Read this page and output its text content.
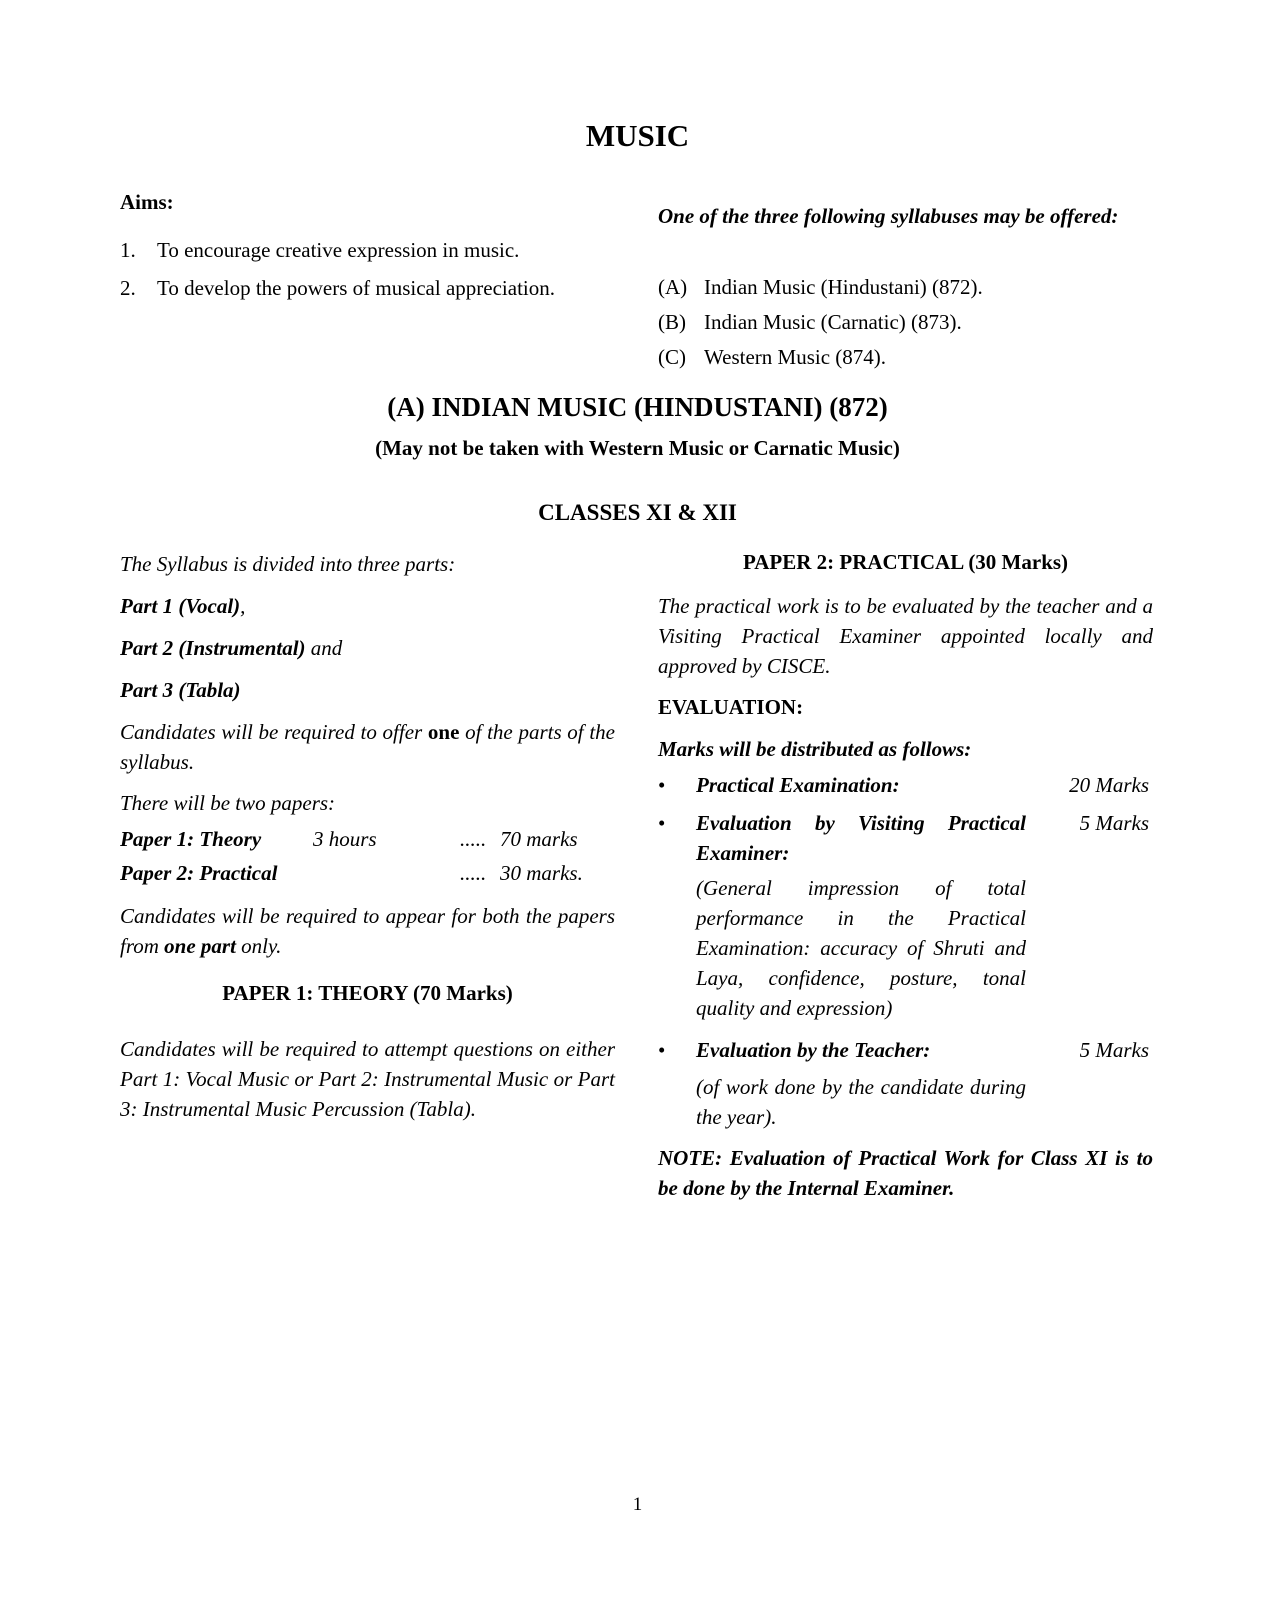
MUSIC
Aims:
1. To encourage creative expression in music.
2. To develop the powers of musical appreciation.
One of the three following syllabuses may be offered:
(A) Indian Music (Hindustani) (872).
(B) Indian Music (Carnatic) (873).
(C) Western Music (874).
(A) INDIAN MUSIC (HINDUSTANI) (872)
(May not be taken with Western Music or Carnatic Music)
CLASSES XI & XII
The Syllabus is divided into three parts:
Part 1 (Vocal),
Part 2 (Instrumental) and
Part 3 (Tabla)
Candidates will be required to offer one of the parts of the syllabus.
There will be two papers:
Paper 1: Theory 3 hours	..... 70 marks
Paper 2: Practical	..... 30 marks.
Candidates will be required to appear for both the papers from one part only.
PAPER 1: THEORY (70 Marks)
Candidates will be required to attempt questions on either Part 1: Vocal Music or Part 2: Instrumental Music or Part 3: Instrumental Music Percussion (Tabla).
PAPER 2: PRACTICAL (30 Marks)
The practical work is to be evaluated by the teacher and a Visiting Practical Examiner appointed locally and approved by CISCE.
EVALUATION:
Marks will be distributed as follows:
• Practical Examination:	20 Marks
• Evaluation by Visiting Practical Examiner:
5 Marks
(General impression of total performance in the Practical Examination: accuracy of Shruti and Laya, confidence, posture, tonal quality and expression)
• Evaluation by the Teacher:	5 Marks
(of work done by the candidate during the year).
NOTE: Evaluation of Practical Work for Class XI is to be done by the Internal Examiner.
1
